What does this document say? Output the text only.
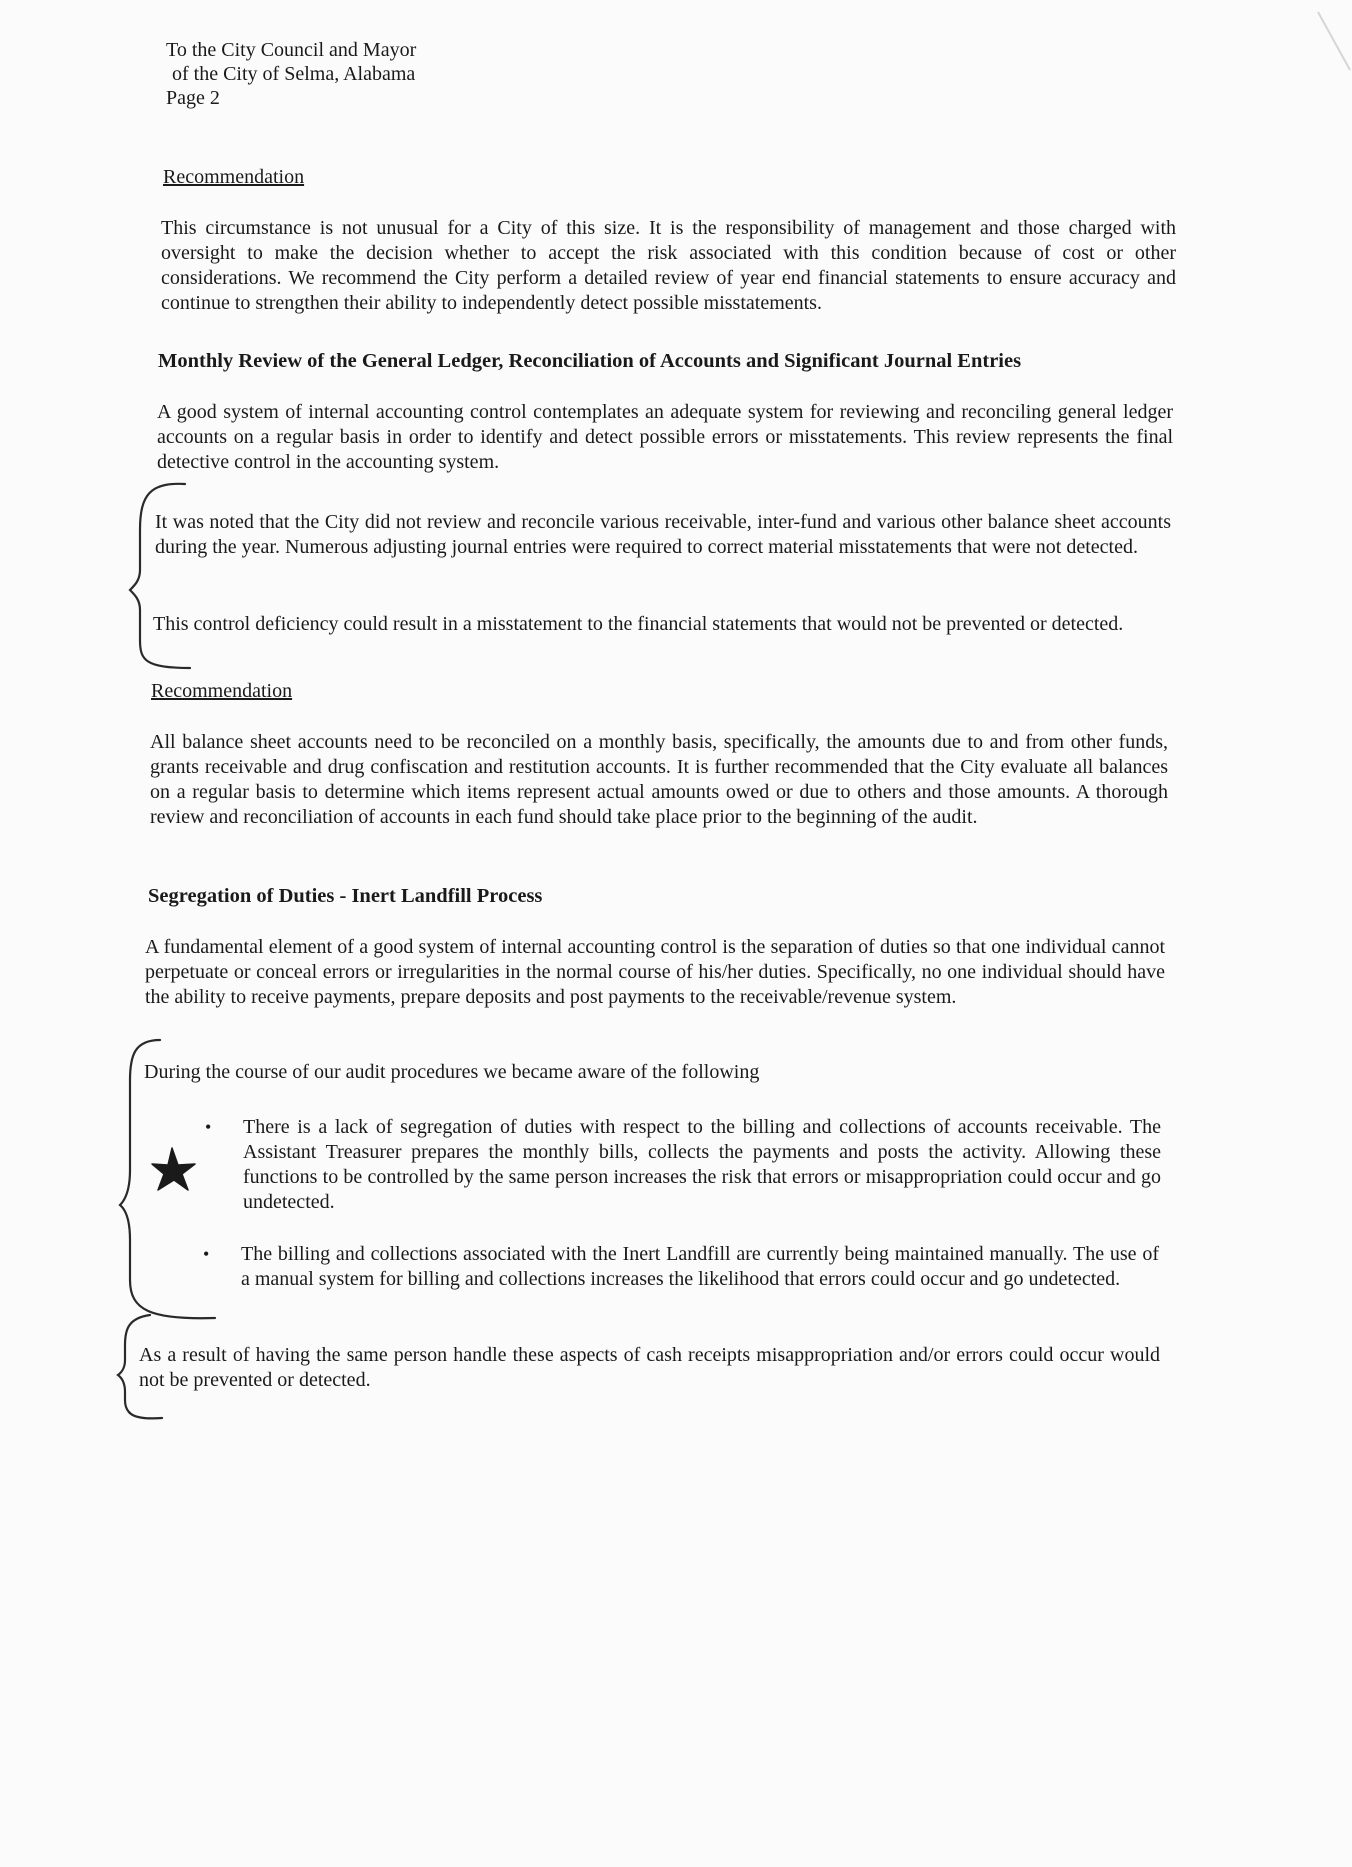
To the City Council and Mayor
of the City of Selma, Alabama
Page 2
Recommendation
This circumstance is not unusual for a City of this size. It is the responsibility of management and those charged with oversight to make the decision whether to accept the risk associated with this condition because of cost or other considerations. We recommend the City perform a detailed review of year end financial statements to ensure accuracy and continue to strengthen their ability to independently detect possible misstatements.
Monthly Review of the General Ledger, Reconciliation of Accounts and Significant Journal Entries
A good system of internal accounting control contemplates an adequate system for reviewing and reconciling general ledger accounts on a regular basis in order to identify and detect possible errors or misstatements. This review represents the final detective control in the accounting system.
It was noted that the City did not review and reconcile various receivable, inter-fund and various other balance sheet accounts during the year. Numerous adjusting journal entries were required to correct material misstatements that were not detected.
This control deficiency could result in a misstatement to the financial statements that would not be prevented or detected.
Recommendation
All balance sheet accounts need to be reconciled on a monthly basis, specifically, the amounts due to and from other funds, grants receivable and drug confiscation and restitution accounts. It is further recommended that the City evaluate all balances on a regular basis to determine which items represent actual amounts owed or due to others and those amounts. A thorough review and reconciliation of accounts in each fund should take place prior to the beginning of the audit.
Segregation of Duties - Inert Landfill Process
A fundamental element of a good system of internal accounting control is the separation of duties so that one individual cannot perpetuate or conceal errors or irregularities in the normal course of his/her duties. Specifically, no one individual should have the ability to receive payments, prepare deposits and post payments to the receivable/revenue system.
During the course of our audit procedures we became aware of the following
• There is a lack of segregation of duties with respect to the billing and collections of accounts receivable. The Assistant Treasurer prepares the monthly bills, collects the payments and posts the activity. Allowing these functions to be controlled by the same person increases the risk that errors or misappropriation could occur and go undetected.
• The billing and collections associated with the Inert Landfill are currently being maintained manually. The use of a manual system for billing and collections increases the likelihood that errors could occur and go undetected.
As a result of having the same person handle these aspects of cash receipts misappropriation and/or errors could occur would not be prevented or detected.
